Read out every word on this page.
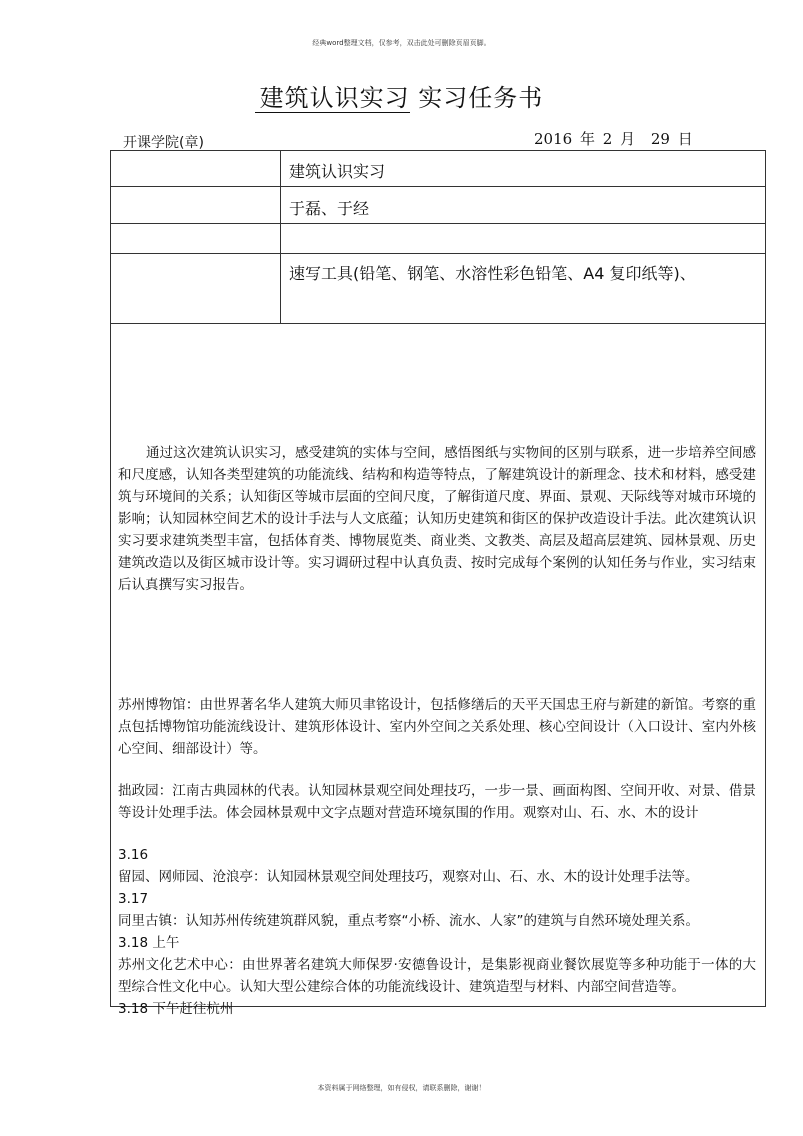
经典word整理文档，仅参考，双击此处可删除页眉页脚。
建筑认识实习 实习任务书
开课学院(章)	2016 年 2 月 29 日
建筑认识实习
于磊、于经
速写工具(铅笔、钢笔、水溶性彩色铅笔、A4 复印纸等)、

通过这次建筑认识实习，感受建筑的实体与空间，感悟图纸与实物间的区别与联系，进一步培养空间感和尺度感，认知各类型建筑的功能流线、结构和构造等特点，了解建筑设计的新理念、技术和材料，感受建筑与环境间的关系；认知街区等城市层面的空间尺度，了解街道尺度、界面、景观、天际线等对城市环境的影响；认知园林空间艺术的设计手法与人文底蕴；认知历史建筑和街区的保护改造设计手法。此次建筑认识实习要求建筑类型丰富，包括体育类、博物展览类、商业类、文教类、高层及超高层建筑、园林景观、历史建筑改造以及街区城市设计等。实习调研过程中认真负责、按时完成每个案例的认知任务与作业，实习结束后认真撰写实习报告。

苏州博物馆：由世界著名华人建筑大师贝聿铭设计，包括修缮后的天平天国忠王府与新建的新馆。考察的重点包括博物馆功能流线设计、建筑形体设计、室内外空间之关系处理、核心空间设计（入口设计、室内外核心空间、细部设计）等。

拙政园：江南古典园林的代表。认知园林景观空间处理技巧，一步一景、画面构图、空间开收、对景、借景等设计处理手法。体会园林景观中文字点题对营造环境氛围的作用。观察对山、石、水、木的设计

3.16

留园、网师园、沧浪亭：认知园林景观空间处理技巧，观察对山、石、水、木的设计处理手法等。

3.17

同里古镇：认知苏州传统建筑群风貌，重点考察“小桥、流水、人家”的建筑与自然环境处理关系。

3.18 上午

苏州文化艺术中心：由世界著名建筑大师保罗·安德鲁设计，是集影视商业餐饮展览等多种功能于一体的大型综合性文化中心。认知大型公建综合体的功能流线设计、建筑造型与材料、内部空间营造等。

3.18 下午赶往杭州

本资料属于网络整理，如有侵权，请联系删除，谢谢！
